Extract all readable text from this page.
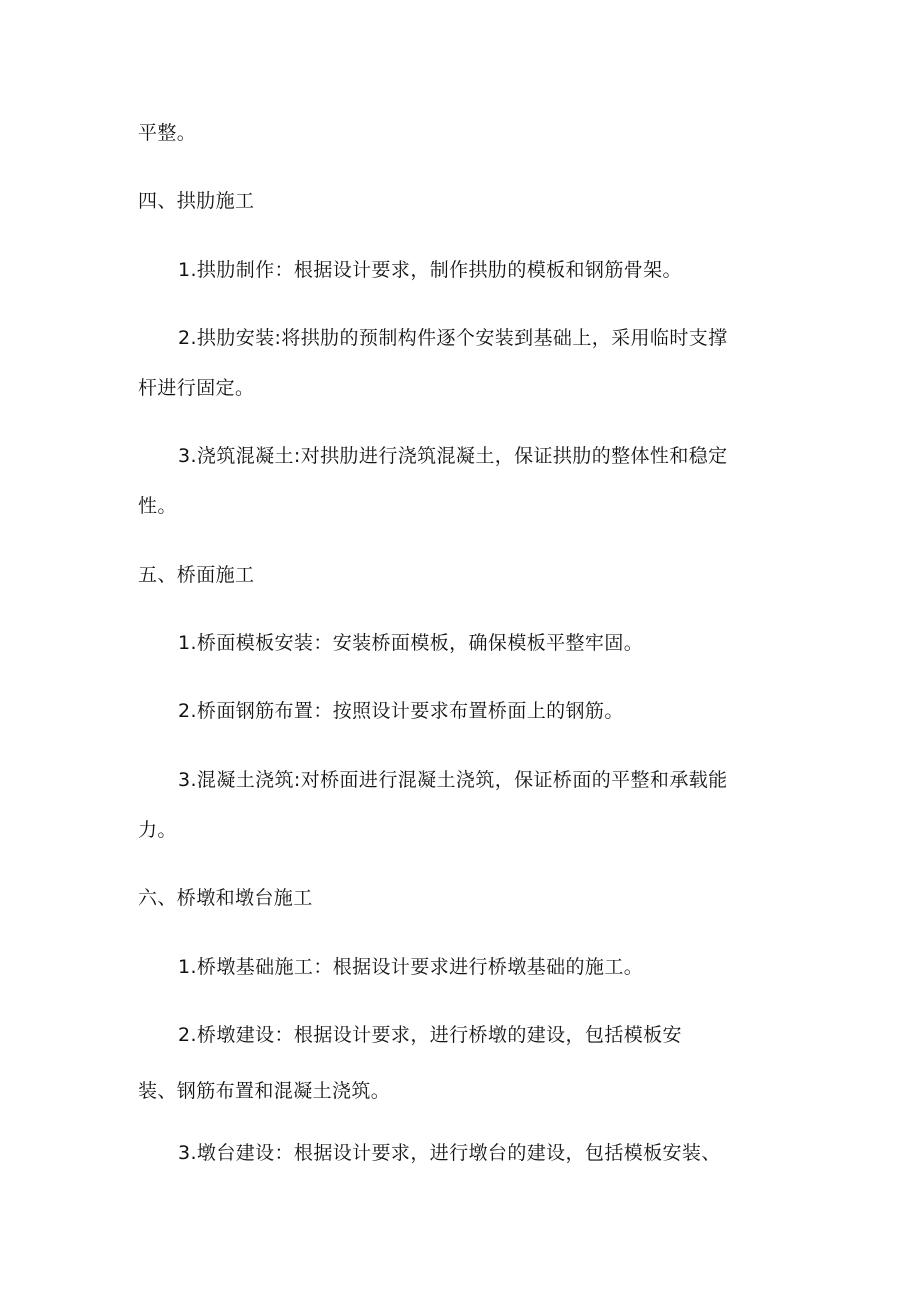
平整。
四、拱肋施工
1.拱肋制作：根据设计要求，制作拱肋的模板和钢筋骨架。
2.拱肋安装:将拱肋的预制构件逐个安装到基础上，采用临时支撑
杆进行固定。
3.浇筑混凝土:对拱肋进行浇筑混凝土，保证拱肋的整体性和稳定
性。
五、桥面施工
1.桥面模板安装：安装桥面模板，确保模板平整牢固。
2.桥面钢筋布置：按照设计要求布置桥面上的钢筋。
3.混凝土浇筑:对桥面进行混凝土浇筑，保证桥面的平整和承载能
力。
六、桥墩和墩台施工
1.桥墩基础施工：根据设计要求进行桥墩基础的施工。
2.桥墩建设：根据设计要求，进行桥墩的建设，包括模板安
装、钢筋布置和混凝土浇筑。
3.墩台建设：根据设计要求，进行墩台的建设，包括模板安装、
